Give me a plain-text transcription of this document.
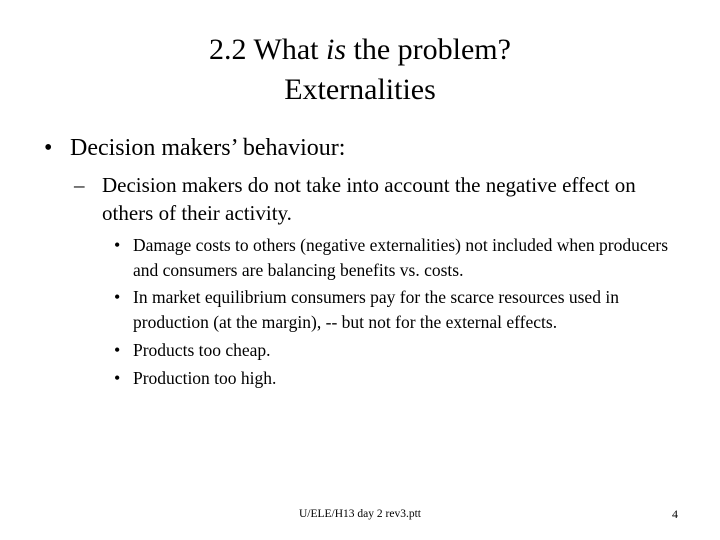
2.2 What is the problem?
Externalities
• Decision makers’ behaviour:
– Decision makers do not take into account the negative effect on others of their activity.
• Damage costs to others (negative externalities) not included when producers and consumers are balancing benefits vs. costs.
• In market equilibrium consumers pay for the scarce resources used in production (at the margin), -- but not for the external effects.
• Products too cheap.
• Production too high.
U/ELE/H13 day 2 rev3.ptt	4
